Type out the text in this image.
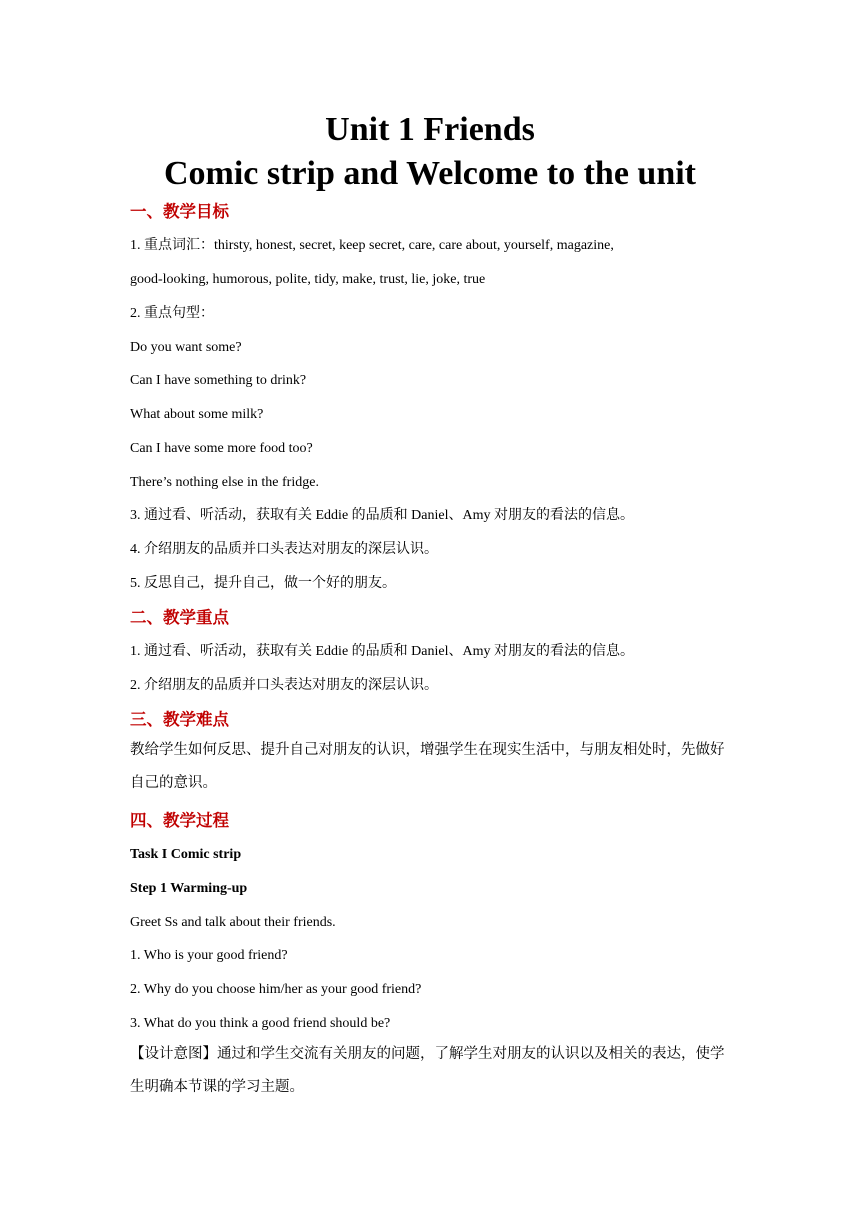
Unit 1 Friends
Comic strip and Welcome to the unit

一、教学目标

1. 重点词汇：thirsty, honest, secret, keep secret, care, care about, yourself, magazine,

good-looking, humorous, polite, tidy, make, trust, lie, joke, true

2. 重点句型：

Do you want some?

Can I have something to drink?

What about some milk?

Can I have some more food too?

There’s nothing else in the fridge.

3. 通过看、听活动，获取有关 Eddie 的品质和 Daniel、Amy 对朋友的看法的信息。

4. 介绍朋友的品质并口头表达对朋友的深层认识。

5. 反思自己，提升自己，做一个好的朋友。

二、教学重点

1. 通过看、听活动，获取有关 Eddie 的品质和 Daniel、Amy 对朋友的看法的信息。

2. 介绍朋友的品质并口头表达对朋友的深层认识。

三、教学难点

教给学生如何反思、提升自己对朋友的认识，增强学生在现实生活中，与朋友相处时，先做好自己的意识。

四、教学过程

Task I Comic strip

Step 1 Warming-up

Greet Ss and talk about their friends.

1. Who is your good friend?

2. Why do you choose him/her as your good friend?

3. What do you think a good friend should be?

【设计意图】通过和学生交流有关朋友的问题，了解学生对朋友的认识以及相关的表达，使学生明确本节课的学习主题。
